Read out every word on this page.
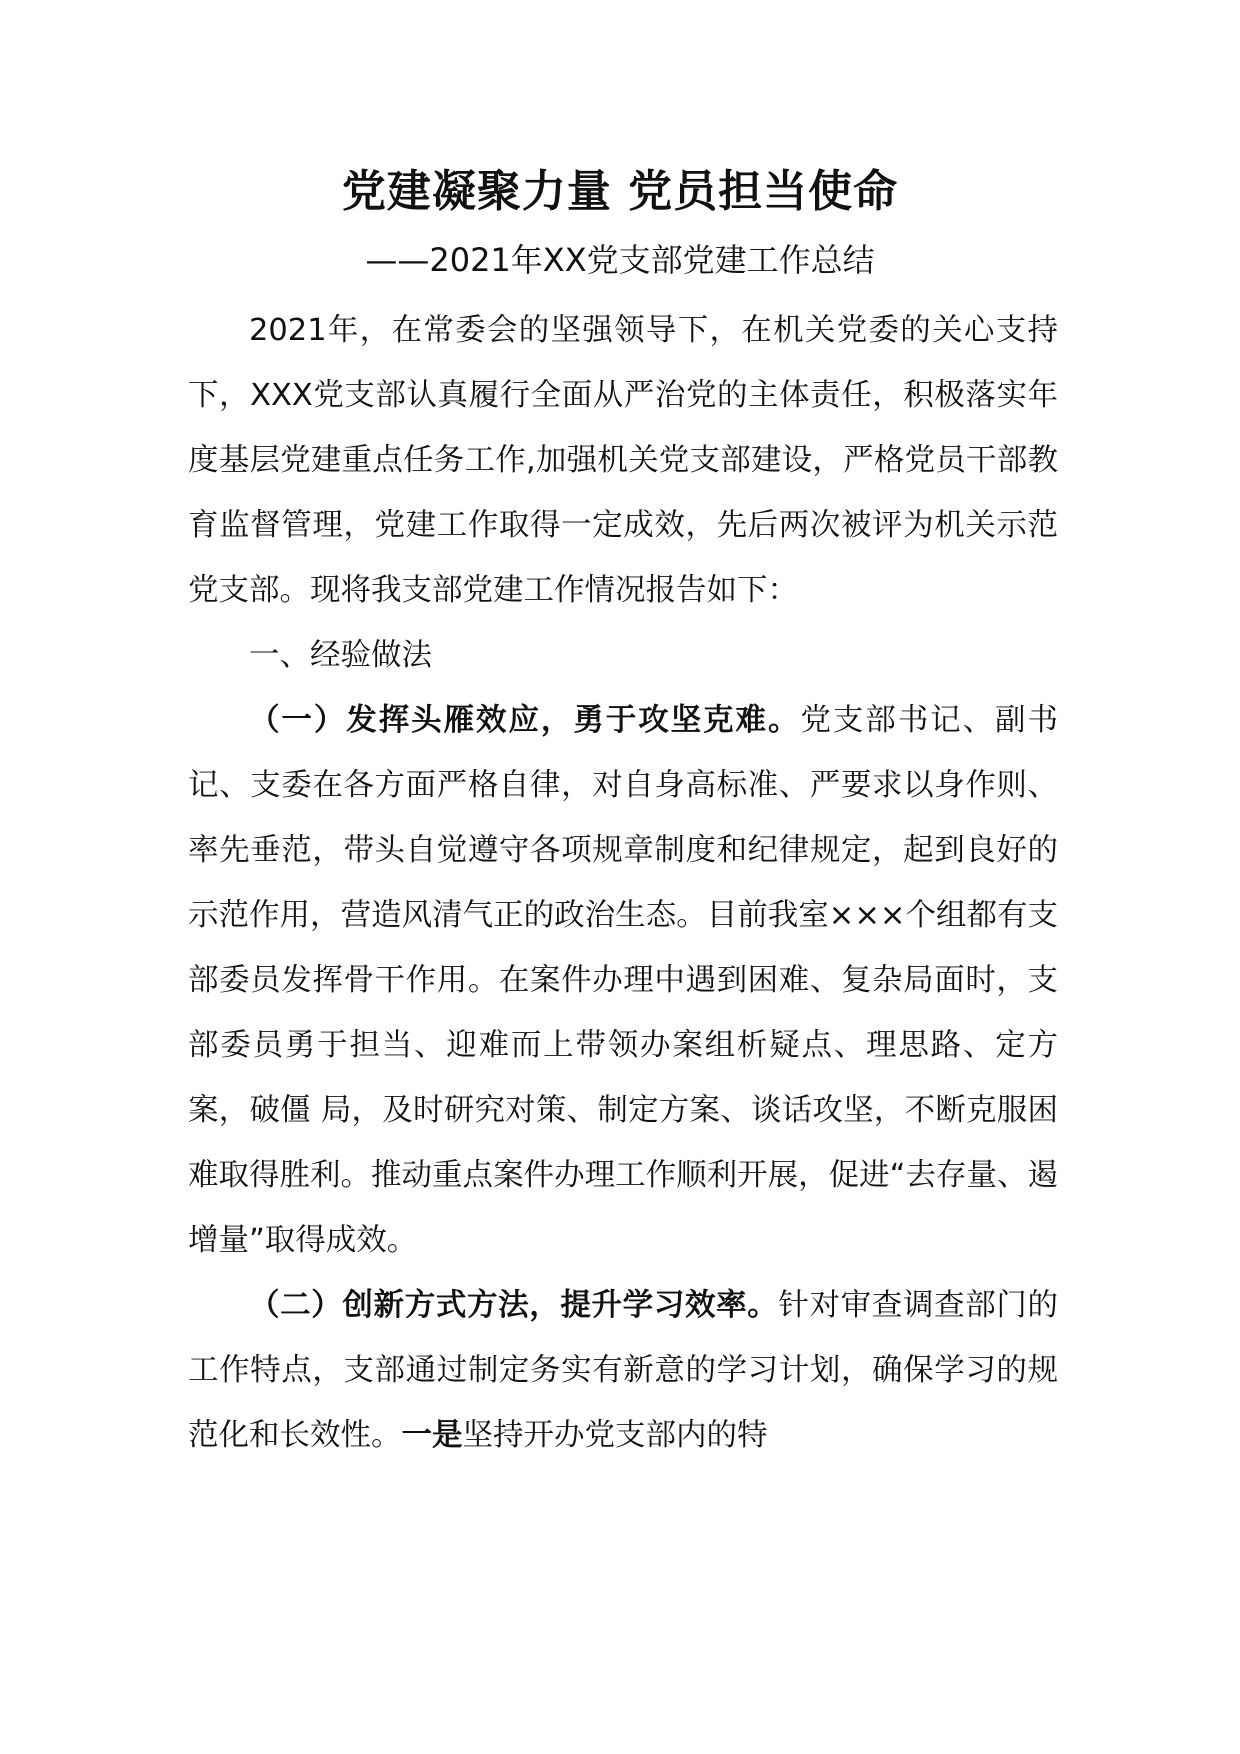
党建凝聚力量 党员担当使命
——2021年XX党支部党建工作总结

2021年，在常委会的坚强领导下，在机关党委的关心支持下，XXX党支部认真履行全面从严治党的主体责任，积极落实年度基层党建重点任务工作,加强机关党支部建设，严格党员干部教育监督管理，党建工作取得一定成效，先后两次被评为机关示范党支部。现将我支部党建工作情况报告如下：

一、经验做法

（一）发挥头雁效应，勇于攻坚克难。党支部书记、副书记、支委在各方面严格自律，对自身高标准、严要求以身作则、率先垂范，带头自觉遵守各项规章制度和纪律规定，起到良好的示范作用，营造风清气正的政治生态。目前我室×××个组都有支部委员发挥骨干作用。在案件办理中遇到困难、复杂局面时，支部委员勇于担当、迎难而上带领办案组析疑点、理思路、定方案，破僵 局，及时研究对策、制定方案、谈话攻坚，不断克服困难取得胜利。推动重点案件办理工作顺利开展，促进“去存量、遏增量”取得成效。

（二）创新方式方法，提升学习效率。针对审查调查部门的工作特点，支部通过制定务实有新意的学习计划，确保学习的规范化和长效性。一是坚持开办党支部内的特
